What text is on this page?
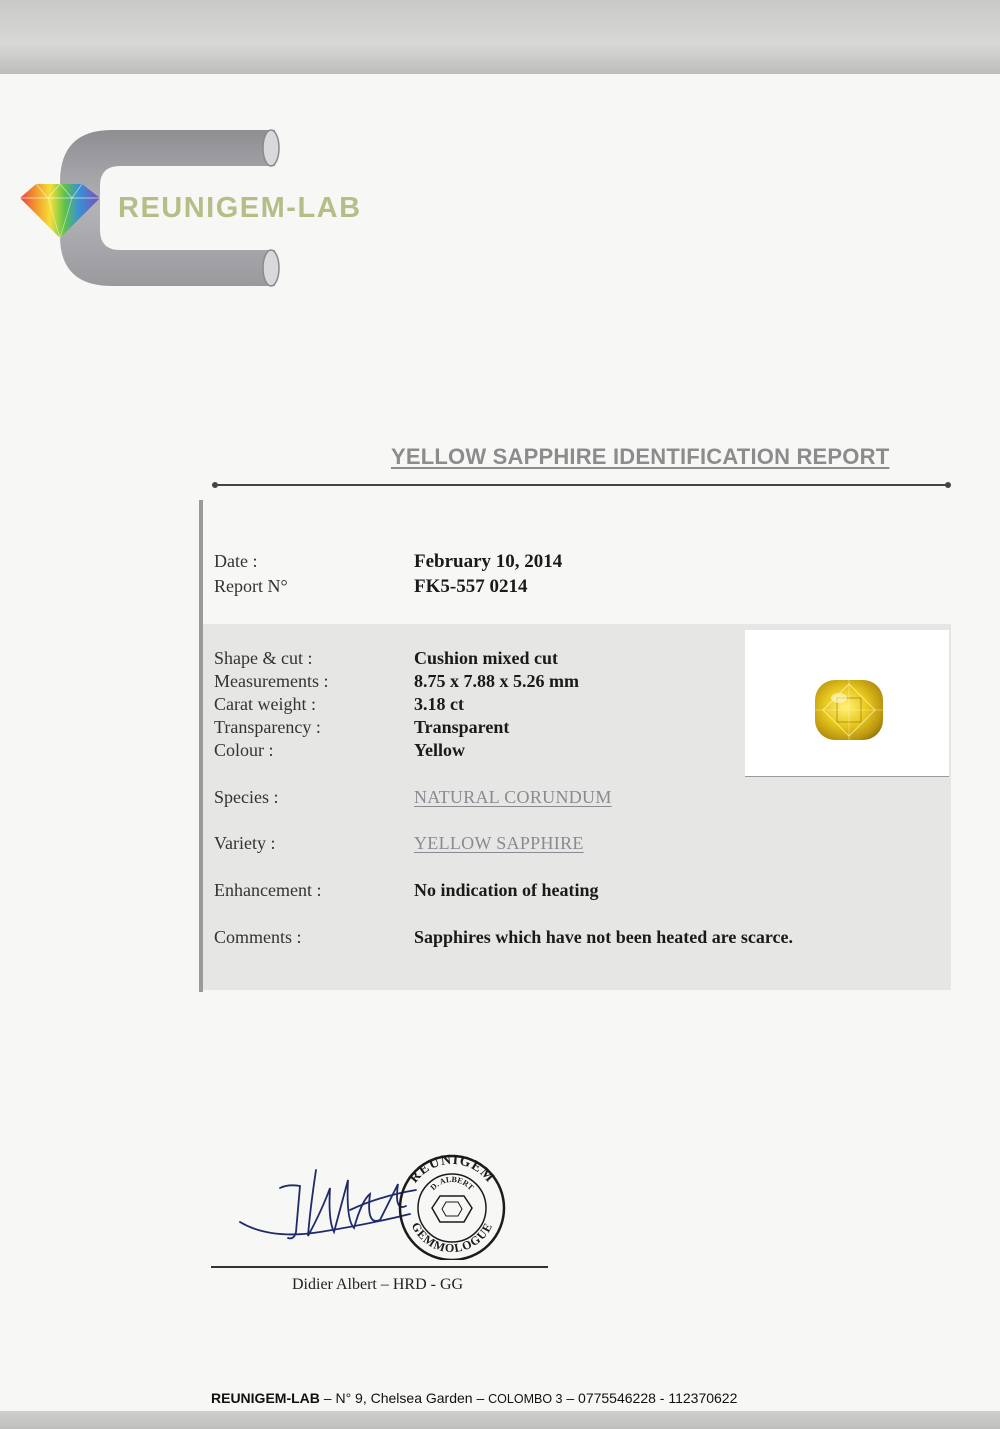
REUNIGEM-LAB
YELLOW SAPPHIRE IDENTIFICATION REPORT
Date :	February 10, 2014
Report N°	FK5-557 0214
Shape & cut :	Cushion mixed cut
Measurements :	8.75 x 7.88 x 5.26 mm
Carat weight :	3.18 ct
Transparency :	Transparent
Colour :	Yellow
Species :	NATURAL CORUNDUM
Variety :	YELLOW SAPPHIRE
Enhancement :	No indication of heating
Comments :	Sapphires which have not been heated are scarce.
REUNIGEM
D. ALBERT
GEMMOLOGUE
Didier Albert – HRD - GG
REUNIGEM-LAB – N° 9, Chelsea Garden – COLOMBO 3 – 0775546228 - 112370622
